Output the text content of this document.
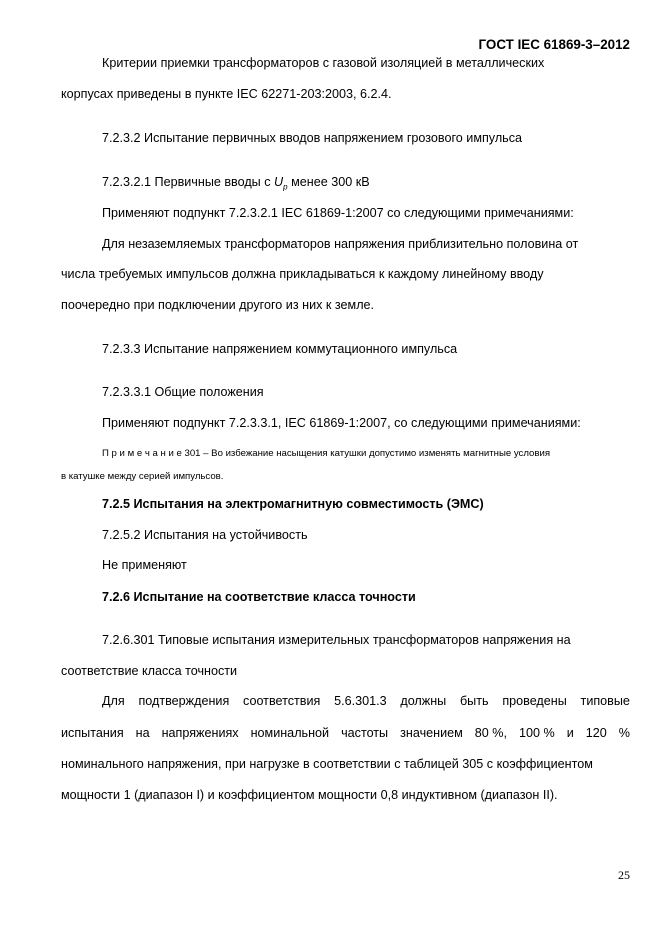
ГОСТ IEC 61869-3–2012
Критерии приемки трансформаторов с газовой изоляцией в металлических
корпусах приведены в пункте IEC 62271-203:2003, 6.2.4.
7.2.3.2 Испытание первичных вводов напряжением грозового импульса
7.2.3.2.1 Первичные вводы с $U_p$ менее 300 кВ
Применяют подпункт 7.2.3.2.1 IEC 61869-1:2007 со следующими примечаниями:
Для незаземляемых трансформаторов напряжения приблизительно половина от
числа требуемых импульсов должна прикладываться к каждому линейному вводу
поочередно при подключении другого из них к земле.
7.2.3.3 Испытание напряжением коммутационного импульса
7.2.3.3.1 Общие положения
Применяют подпункт 7.2.3.3.1, IEC 61869-1:2007, со следующими примечаниями:
П р и м е ч а н и е 301 – Во избежание насыщения катушки допустимо изменять магнитные условия
в катушке между серией импульсов.
7.2.5 Испытания на электромагнитную совместимость (ЭМС)
7.2.5.2 Испытания на устойчивость
Не применяют
7.2.6 Испытание на соответствие класса точности
7.2.6.301 Типовые испытания измерительных трансформаторов напряжения на
соответствие класса точности
Для подтверждения соответствия 5.6.301.3 должны быть проведены типовые
испытания на напряжениях номинальной частоты значением 80 %, 100 % и 120 %
номинального напряжения, при нагрузке в соответствии с таблицей 305 с коэффициентом
мощности 1 (диапазон I) и коэффициентом мощности 0,8 индуктивном (диапазон II).
25
